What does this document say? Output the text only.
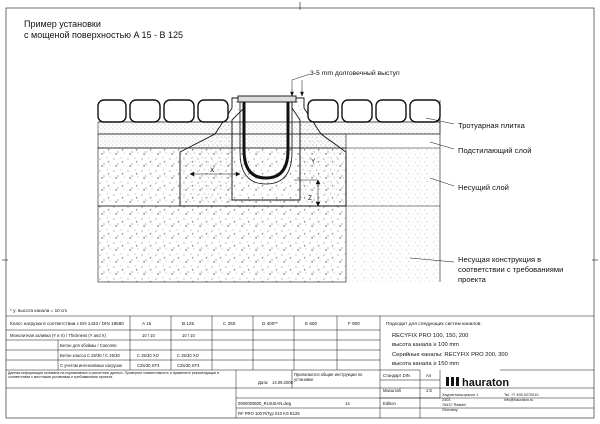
Пример установки
с мощеной поверхностью A 15 - B 125
X
Y
Z
3-5 mm долговечный выступ
Тротуарная плитка
Подстилающий слой
Несущий слой
Несущая конструкция в
соответствии с требованиями
проекта
* y: высота канала = 10 cm
Класс нагрузки в соответствии с EN 1433 / DIN 19580	A 15	B 125	C 250	D 400**	E 600	F 900
Монолитная заливка (Y и Х) / Thickness (Y and X)	10 / 10	10 / 10
Бетон для обоймы / Concrete
Бетон класса C 25/30 / C 25/30	C 25/30 XO	C 25/30 XO
С учетом интенсивных нагрузок	C25/30 XF3	C25/30 XF3
Подходит для следующих систем каналов:
RECYFIX PRO 100, 150, 200
высота канала ≥ 100 mm
Серийные каналы: RECYFIX PRO 200, 300
высота канала ≥ 150 mm
Данная информация основана на нормативных и расчетных данных. Проверьте совместимость и примените рекомендации в соответствии с местными условиями и требованиями проекта.
Дата: 14.09.2005
Прилагаются общие инструкции по установке
0000000600_RUSSIAN.dwg	14
RF PRO 100 RiTyp 010 KS B125
Стандарт DIN	A4
Масштаб	1:5
Edition
hauraton
Хаураттонштрассе 1
2403
76437 Rastatt
Germany
Tel. +7 495 0270010
info@hauraton.ru
